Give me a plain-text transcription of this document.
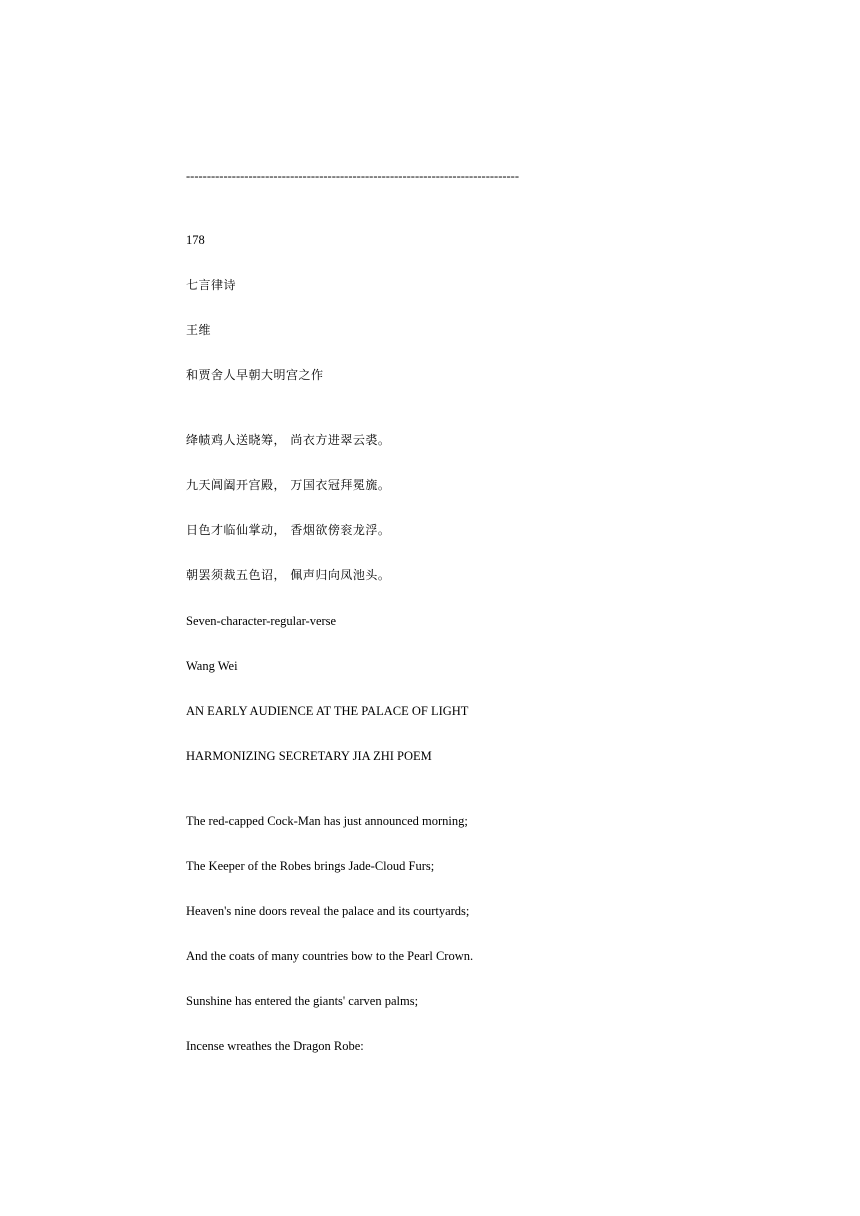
--------------------------------------------------------------------------------
178
七言律诗
王维
和贾舍人早朝大明宫之作
绛帻鸡人送晓筹， 尚衣方进翠云裘。
九天阊阖开宫殿， 万国衣冠拜冕旒。
日色才临仙掌动， 香烟欲傍衮龙浮。
朝罢须裁五色诏， 佩声归向凤池头。
Seven-character-regular-verse
Wang Wei
AN EARLY AUDIENCE AT THE PALACE OF LIGHT
HARMONIZING SECRETARY JIA ZHI POEM
The red-capped Cock-Man has just announced morning;
The Keeper of the Robes brings Jade-Cloud Furs;
Heaven's nine doors reveal the palace and its courtyards;
And the coats of many countries bow to the Pearl Crown.
Sunshine has entered the giants' carven palms;
Incense wreathes the Dragon Robe:
